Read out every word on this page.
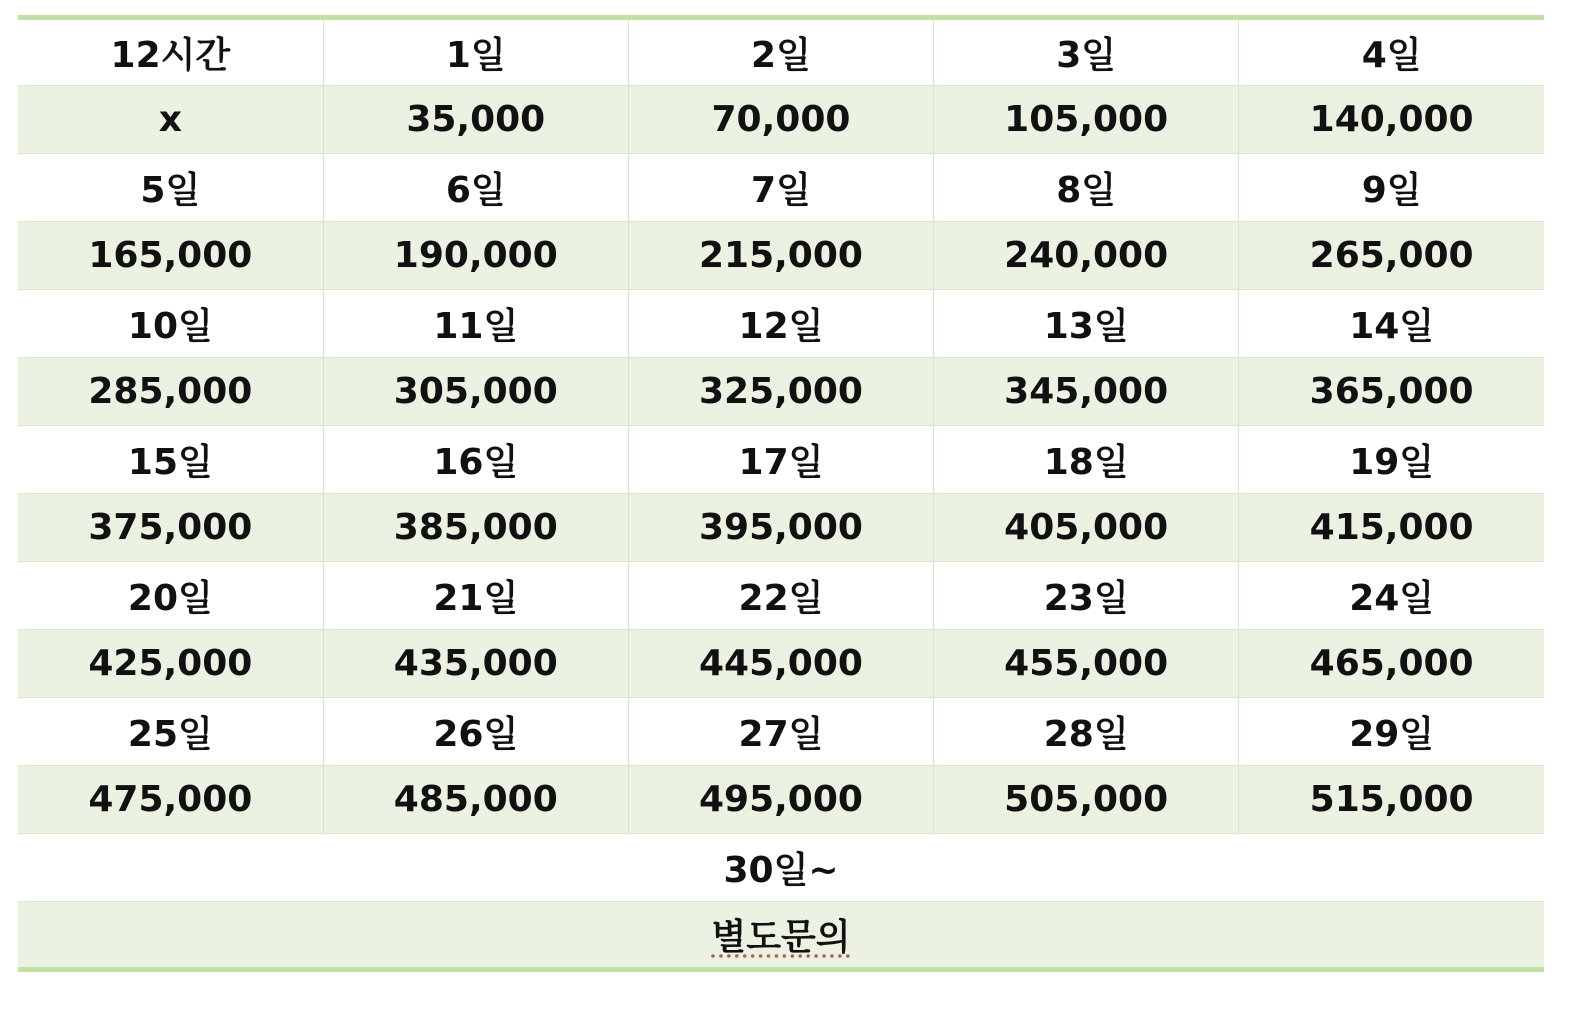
12시간	1일	2일	3일	4일
x	35,000	70,000	105,000	140,000
5일	6일	7일	8일	9일
165,000	190,000	215,000	240,000	265,000
10일	11일	12일	13일	14일
285,000	305,000	325,000	345,000	365,000
15일	16일	17일	18일	19일
375,000	385,000	395,000	405,000	415,000
20일	21일	22일	23일	24일
425,000	435,000	445,000	455,000	465,000
25일	26일	27일	28일	29일
475,000	485,000	495,000	505,000	515,000
30일~				
별도문의				
